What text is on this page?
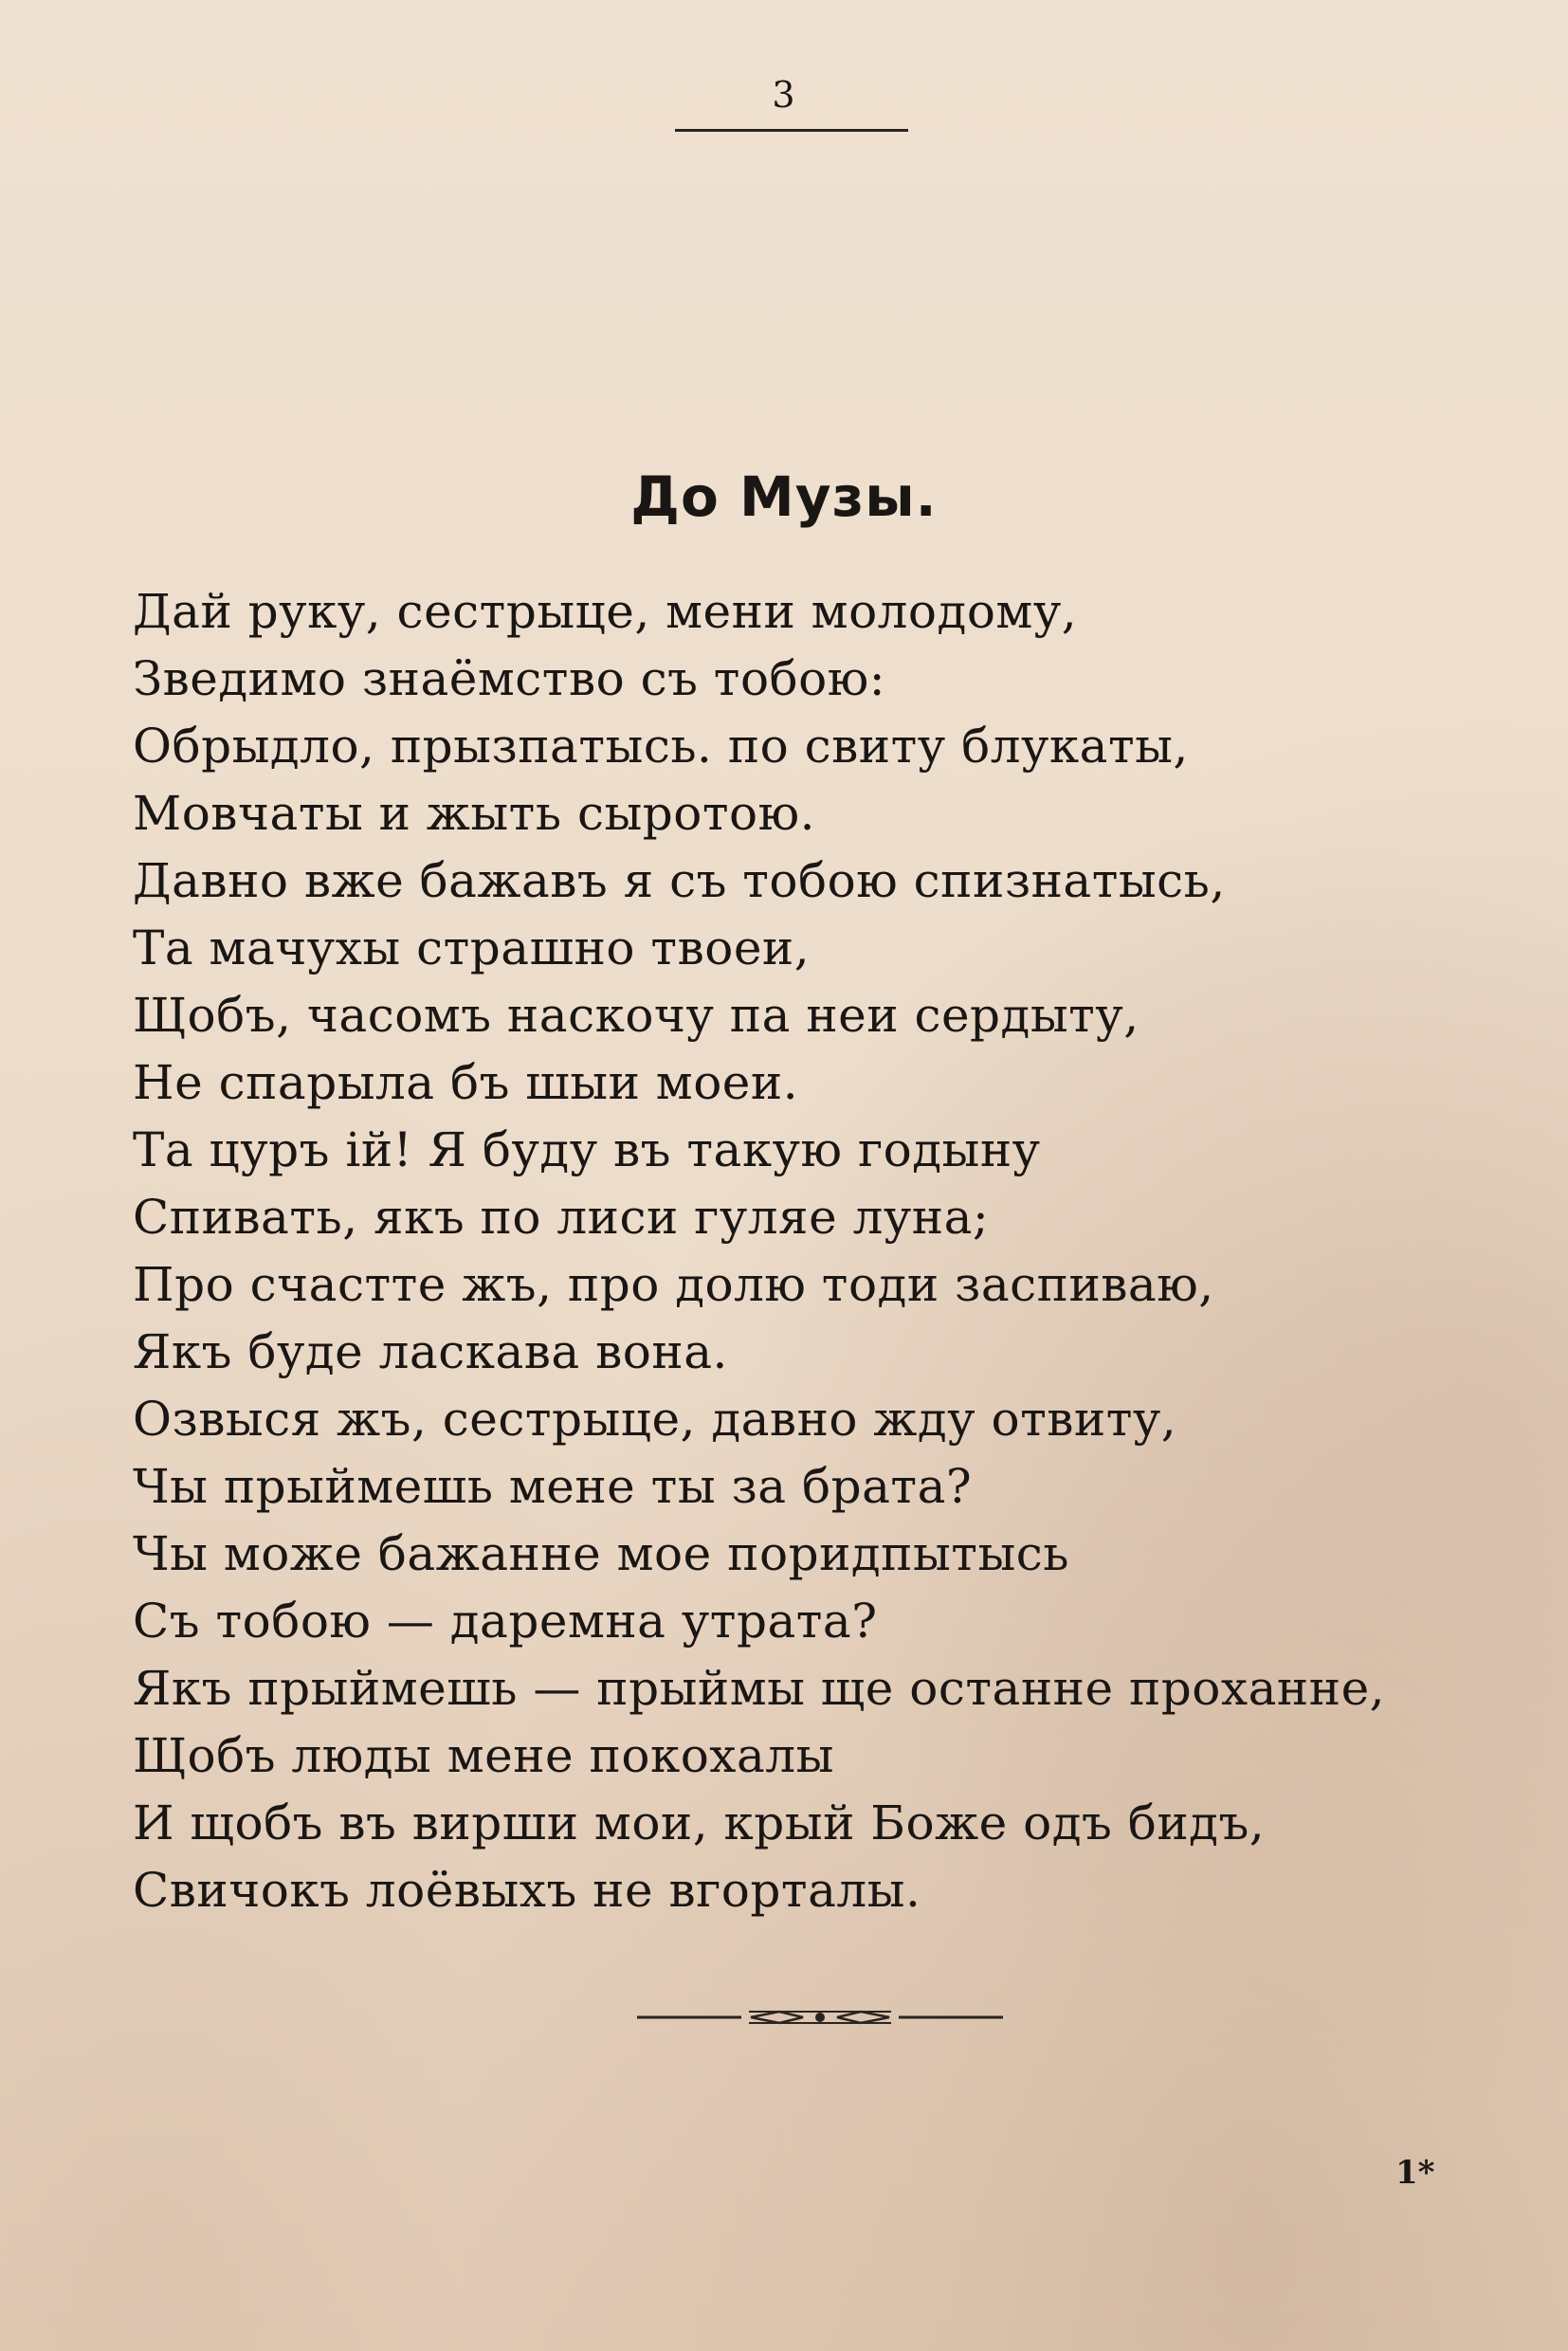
3
До Музы.
Дай руку, сестрыце, мени молодому,
Зведимо знаёмство съ тобою:
Обрыдло, прызпатысь. по свиту блукаты,
Мовчаты и жыть сыротою.
Давно вже бажавъ я съ тобою спизнатысь,
Та мачухы страшно твоеи,
Щобъ, часомъ наскочу па неи сердыту,
Не спарыла бъ шыи моеи.
Та цуръ ій! Я буду въ такую годыну
Спивать, якъ по лиси гуляе луна;
Про счастте жъ, про долю тоди заспиваю,
Якъ буде ласкава вона.
Озвыся жъ, сестрыце, давно жду отвиту,
Чы прыймешь мене ты за брата?
Чы може бажанне мое поридпытысь
Съ тобою — даремна утрата?
Якъ прыймешь — прыймы ще останне проханне,
Щобъ люды мене покохалы
И щобъ въ вирши мои, крый Боже одъ бидъ,
Свичокъ лоёвыхъ не вгорталы.
1*
